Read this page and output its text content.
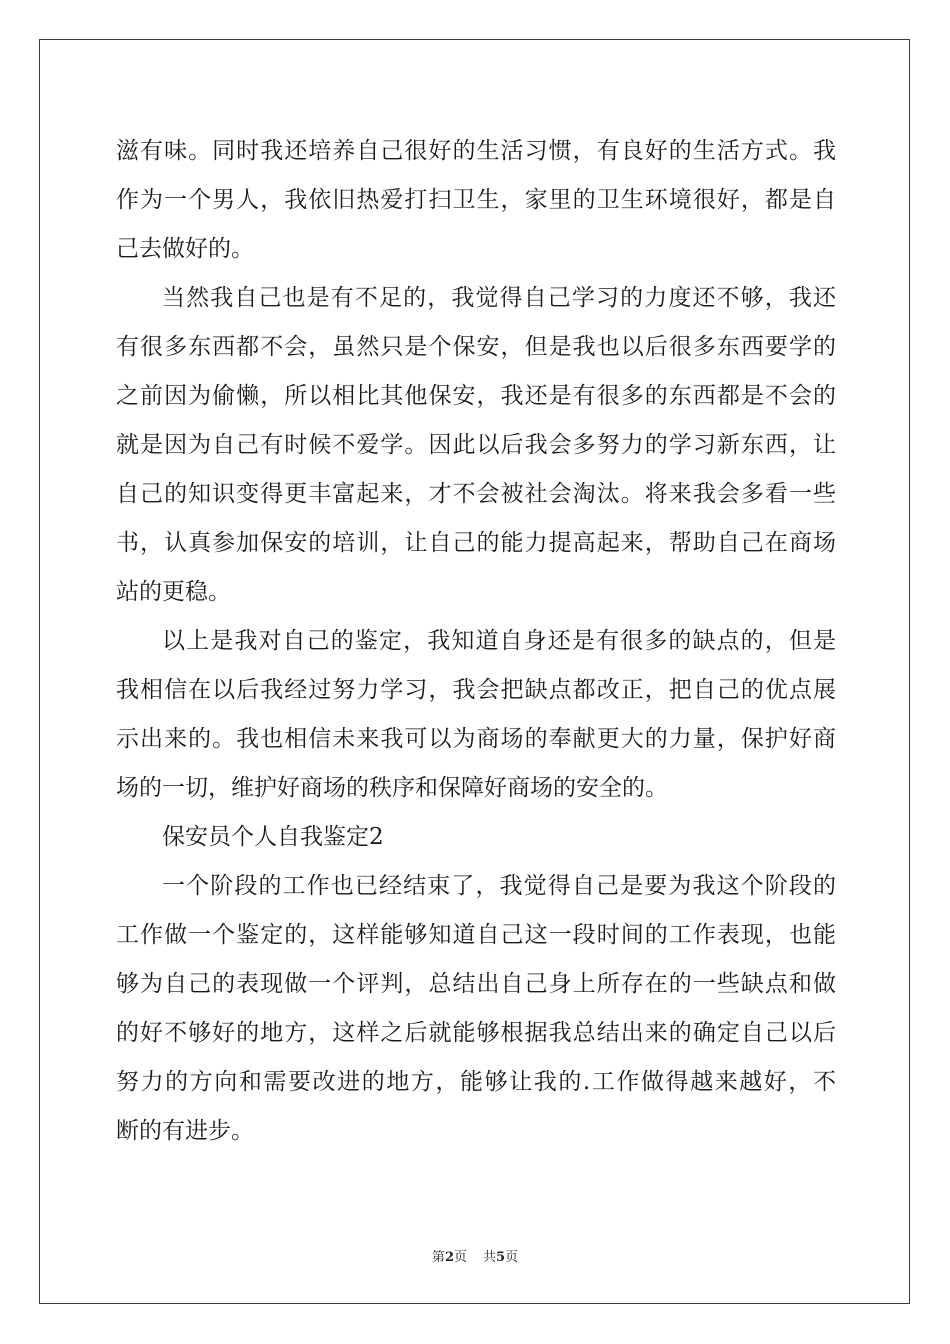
滋有味。同时我还培养自己很好的生活习惯，有良好的生活方式。我
作为一个男人，我依旧热爱打扫卫生，家里的卫生环境很好，都是自
己去做好的。
当然我自己也是有不足的，我觉得自己学习的力度还不够，我还
有很多东西都不会，虽然只是个保安，但是我也以后很多东西要学的
之前因为偷懒，所以相比其他保安，我还是有很多的东西都是不会的
就是因为自己有时候不爱学。因此以后我会多努力的学习新东西，让
自己的知识变得更丰富起来，才不会被社会淘汰。将来我会多看一些
书，认真参加保安的培训，让自己的能力提高起来，帮助自己在商场
站的更稳。
以上是我对自己的鉴定，我知道自身还是有很多的缺点的，但是
我相信在以后我经过努力学习，我会把缺点都改正，把自己的优点展
示出来的。我也相信未来我可以为商场的奉献更大的力量，保护好商
场的一切，维护好商场的秩序和保障好商场的安全的。
保安员个人自我鉴定2
一个阶段的工作也已经结束了，我觉得自己是要为我这个阶段的
工作做一个鉴定的，这样能够知道自己这一段时间的工作表现，也能
够为自己的表现做一个评判，总结出自己身上所存在的一些缺点和做
的好不够好的地方，这样之后就能够根据我总结出来的确定自己以后
努力的方向和需要改进的地方，能够让我的.工作做得越来越好，不
断的有进步。
第2页 共5页
